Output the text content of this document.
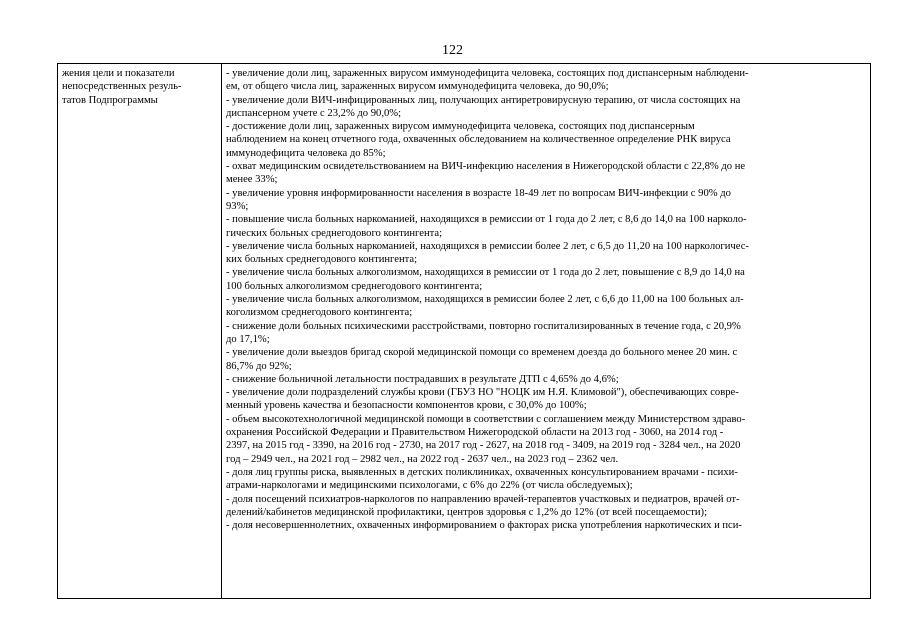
122
жения цели и показатели
непосредственных резуль-
татов Подпрограммы

- увеличение доли лиц, зараженных вирусом иммунодефицита человека, состоящих под диспансерным наблюдени-
ем, от общего числа лиц, зараженных вирусом иммунодефицита человека, до 90,0%;
- увеличение доли ВИЧ-инфицированных лиц, получающих антиретровирусную терапию, от числа состоящих на
диспансерном учете с 23,2% до 90,0%;
- достижение доли лиц, зараженных вирусом иммунодефицита человека, состоящих под диспансерным
наблюдением на конец отчетного года, охваченных обследованием на количественное определение РНК вируса
иммунодефицита человека до 85%;
- охват медицинским освидетельствованием на ВИЧ-инфекцию населения в Нижегородской области с 22,8% до не
менее 33%;
- увеличение уровня информированности населения в возрасте 18-49 лет по вопросам ВИЧ-инфекции с 90% до
93%;
- повышение числа больных наркоманией, находящихся в ремиссии от 1 года до 2 лет, с 8,6 до 14,0 на 100 нарколо-
гических больных среднегодового контингента;
- увеличение числа больных наркоманией, находящихся в ремиссии более 2 лет, с 6,5 до 11,20 на 100 наркологичес-
ких больных среднегодового контингента;
- увеличение числа больных алкоголизмом, находящихся в ремиссии от 1 года до 2 лет, повышение с 8,9 до 14,0 на
100 больных алкоголизмом среднегодового контингента;
- увеличение числа больных алкоголизмом, находящихся в ремиссии более 2 лет, с 6,6 до 11,00 на 100 больных ал-
коголизмом среднегодового контингента;
- снижение доли больных психическими расстройствами, повторно госпитализированных в течение года, с 20,9%
до 17,1%;
- увеличение доли выездов бригад скорой медицинской помощи со временем доезда до больного менее 20 мин. с
86,7% до 92%;
- снижение больничной летальности пострадавших в результате ДТП с 4,65% до 4,6%;
- увеличение доли подразделений службы крови (ГБУЗ НО "НОЦК им Н.Я. Климовой"), обеспечивающих совре-
менный уровень качества и безопасности компонентов крови, с 30,0% до 100%;
- объем высокотехнологичной медицинской помощи в соответствии с соглашением между Министерством здраво-
охранения Российской Федерации и Правительством Нижегородской области на 2013 год - 3060, на 2014 год -
2397, на 2015 год - 3390, на 2016 год - 2730, на 2017 год - 2627, на 2018 год - 3409, на 2019 год - 3284 чел., на 2020
год – 2949 чел., на 2021 год – 2982 чел., на 2022 год - 2637 чел., на 2023 год – 2362 чел.
- доля лиц группы риска, выявленных в детских поликлиниках, охваченных консультированием врачами - психи-
атрами-наркологами и медицинскими психологами, с 6% до 22% (от числа обследуемых);
- доля посещений психиатров-наркологов по направлению врачей-терапевтов участковых и педиатров, врачей от-
делений/кабинетов медицинской профилактики, центров здоровья с 1,2% до 12% (от всей посещаемости);
- доля несовершеннолетних, охваченных информированием о факторах риска употребления наркотических и пси-
